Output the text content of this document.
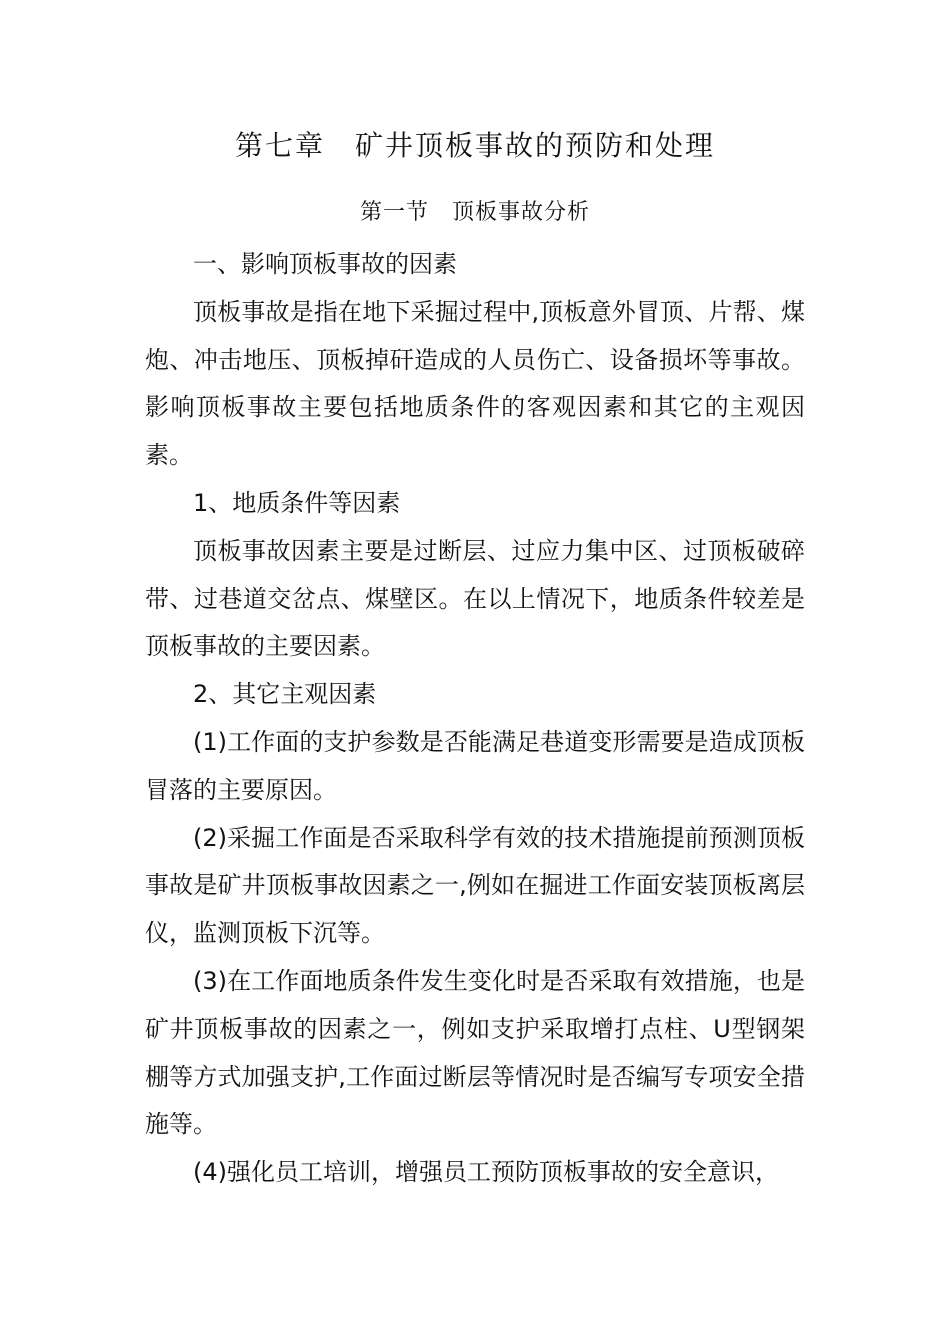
第七章　矿井顶板事故的预防和处理
第一节　顶板事故分析

一、影响顶板事故的因素

顶板事故是指在地下采掘过程中,顶板意外冒顶、片帮、煤炮、冲击地压、顶板掉矸造成的人员伤亡、设备损坏等事故。影响顶板事故主要包括地质条件的客观因素和其它的主观因素。

1、地质条件等因素

顶板事故因素主要是过断层、过应力集中区、过顶板破碎带、过巷道交岔点、煤壁区。在以上情况下，地质条件较差是顶板事故的主要因素。

2、其它主观因素

(1)工作面的支护参数是否能满足巷道变形需要是造成顶板冒落的主要原因。

(2)采掘工作面是否采取科学有效的技术措施提前预测顶板事故是矿井顶板事故因素之一,例如在掘进工作面安装顶板离层仪，监测顶板下沉等。

(3)在工作面地质条件发生变化时是否采取有效措施，也是矿井顶板事故的因素之一，例如支护采取增打点柱、U型钢架棚等方式加强支护,工作面过断层等情况时是否编写专项安全措施等。

(4)强化员工培训，增强员工预防顶板事故的安全意识，
